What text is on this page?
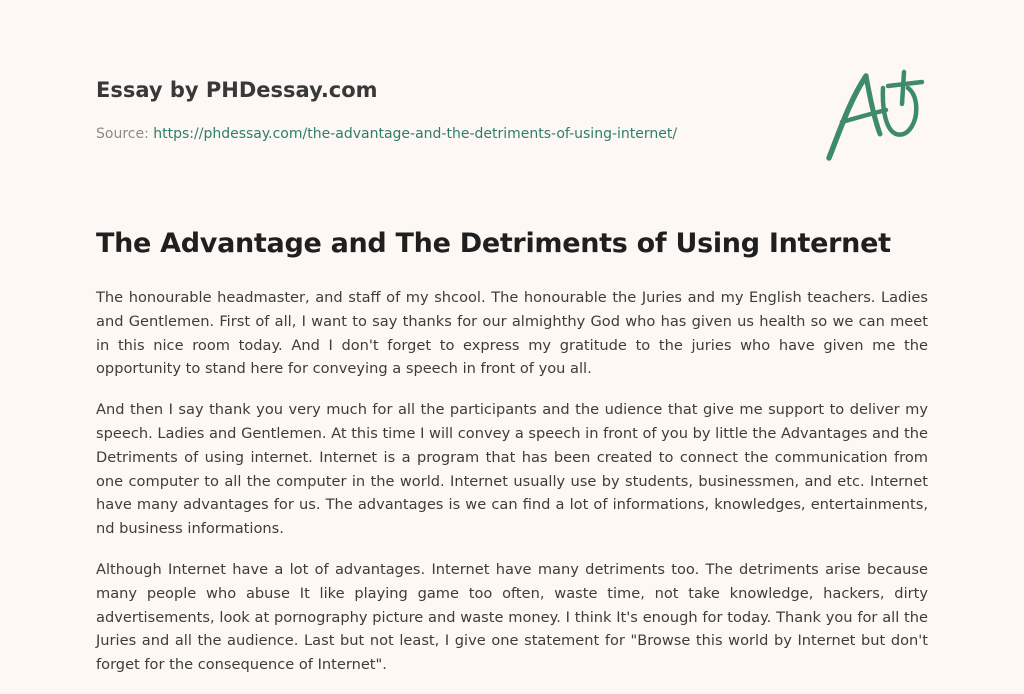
Essay by PHDessay.com
Source: https://phdessay.com/the-advantage-and-the-detriments-of-using-internet/
The Advantage and The Detriments of Using Internet

The honourable headmaster, and staff of my shcool. The honourable the Juries and my English teachers. Ladies and Gentlemen. First of all, I want to say thanks for our almighthy God who has given us health so we can meet in this nice room today. And I don't forget to express my gratitude to the juries who have given me the opportunity to stand here for conveying a speech in front of you all.

And then I say thank you very much for all the participants and the udience that give me support to deliver my speech. Ladies and Gentlemen. At this time I will convey a speech in front of you by little the Advantages and the Detriments of using internet. Internet is a program that has been created to connect the communication from one computer to all the computer in the world. Internet usually use by students, businessmen, and etc. Internet have many advantages for us. The advantages is we can find a lot of informations, knowledges, entertainments, nd business informations.

Although Internet have a lot of advantages. Internet have many detriments too. The detriments arise because many people who abuse It like playing game too often, waste time, not take knowledge, hackers, dirty advertisements, look at pornography picture and waste money. I think It's enough for today. Thank you for all the Juries and all the audience. Last but not least, I give one statement for "Browse this world by Internet but don't forget for the consequence of Internet".
